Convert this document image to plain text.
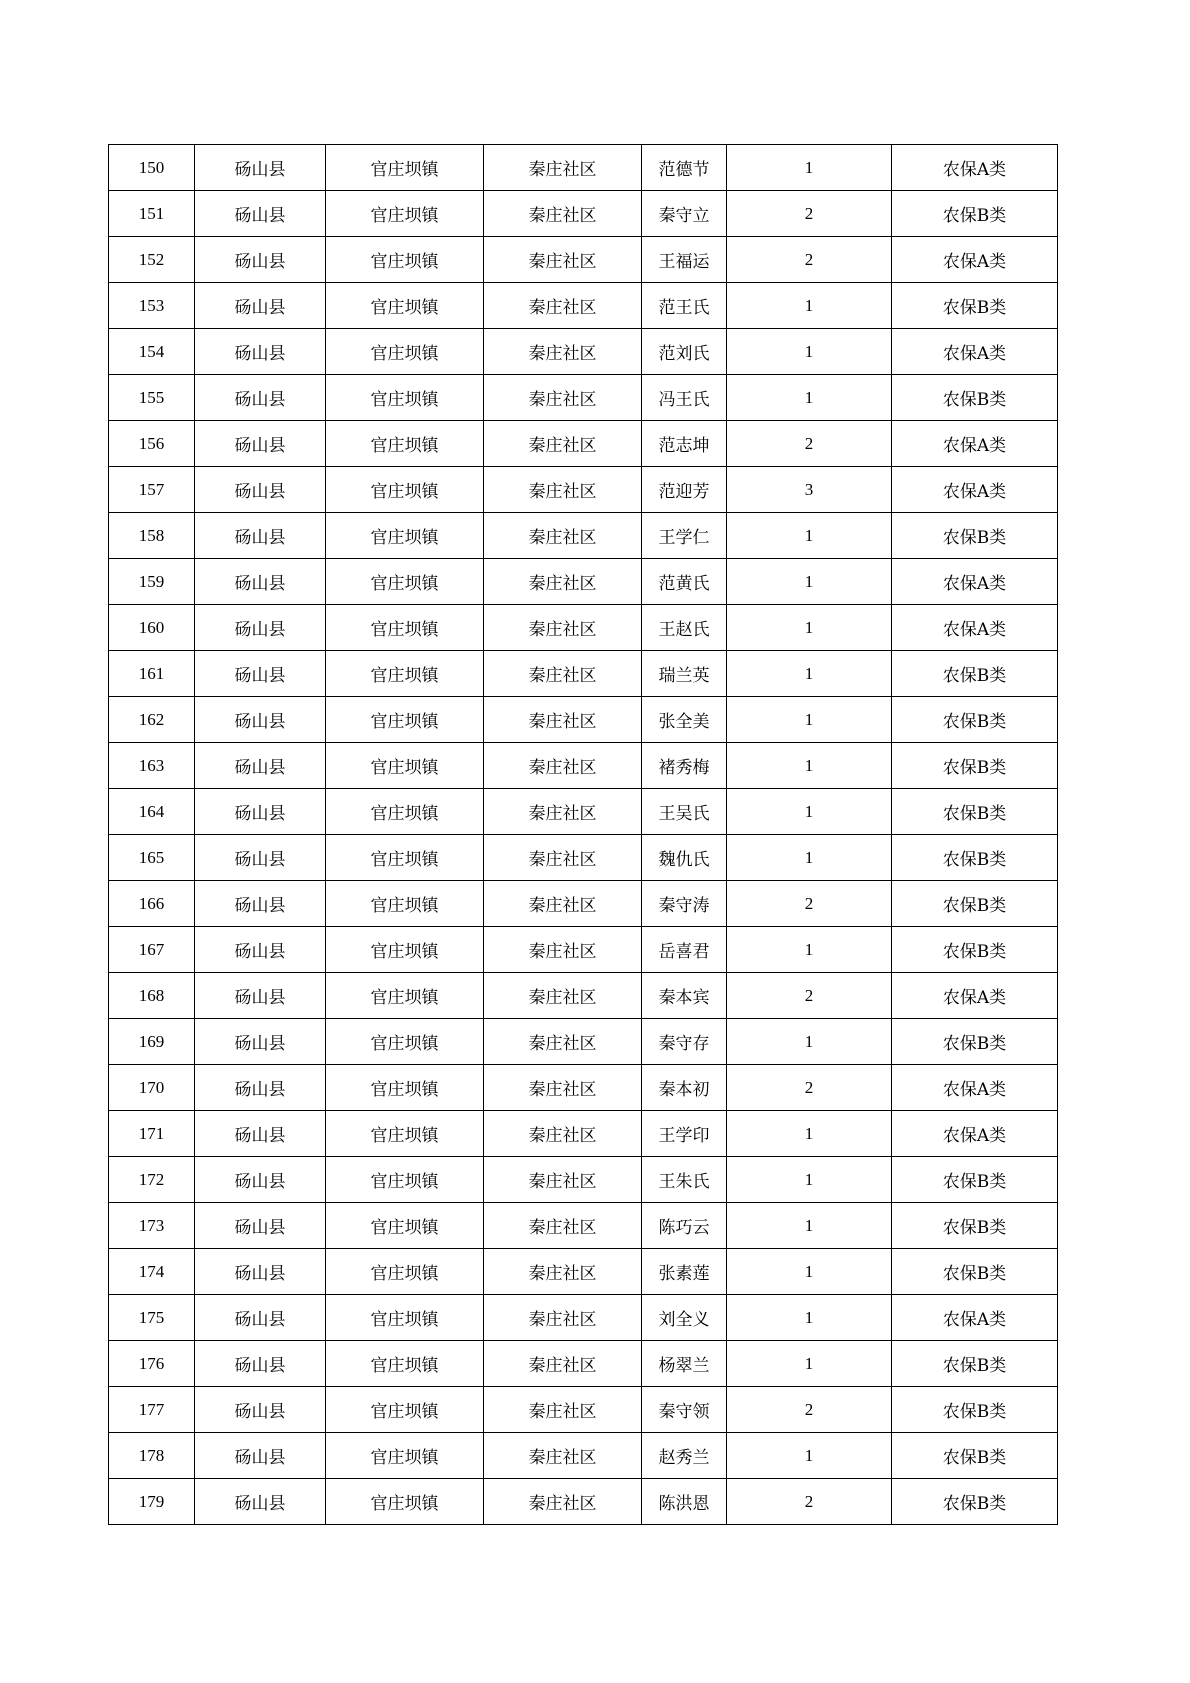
150	砀山县	官庄坝镇	秦庄社区	范德节	1	农保A类
151	砀山县	官庄坝镇	秦庄社区	秦守立	2	农保B类
152	砀山县	官庄坝镇	秦庄社区	王福运	2	农保A类
153	砀山县	官庄坝镇	秦庄社区	范王氏	1	农保B类
154	砀山县	官庄坝镇	秦庄社区	范刘氏	1	农保A类
155	砀山县	官庄坝镇	秦庄社区	冯王氏	1	农保B类
156	砀山县	官庄坝镇	秦庄社区	范志坤	2	农保A类
157	砀山县	官庄坝镇	秦庄社区	范迎芳	3	农保A类
158	砀山县	官庄坝镇	秦庄社区	王学仁	1	农保B类
159	砀山县	官庄坝镇	秦庄社区	范黄氏	1	农保A类
160	砀山县	官庄坝镇	秦庄社区	王赵氏	1	农保A类
161	砀山县	官庄坝镇	秦庄社区	瑞兰英	1	农保B类
162	砀山县	官庄坝镇	秦庄社区	张全美	1	农保B类
163	砀山县	官庄坝镇	秦庄社区	褚秀梅	1	农保B类
164	砀山县	官庄坝镇	秦庄社区	王吴氏	1	农保B类
165	砀山县	官庄坝镇	秦庄社区	魏仇氏	1	农保B类
166	砀山县	官庄坝镇	秦庄社区	秦守涛	2	农保B类
167	砀山县	官庄坝镇	秦庄社区	岳喜君	1	农保B类
168	砀山县	官庄坝镇	秦庄社区	秦本宾	2	农保A类
169	砀山县	官庄坝镇	秦庄社区	秦守存	1	农保B类
170	砀山县	官庄坝镇	秦庄社区	秦本初	2	农保A类
171	砀山县	官庄坝镇	秦庄社区	王学印	1	农保A类
172	砀山县	官庄坝镇	秦庄社区	王朱氏	1	农保B类
173	砀山县	官庄坝镇	秦庄社区	陈巧云	1	农保B类
174	砀山县	官庄坝镇	秦庄社区	张素莲	1	农保B类
175	砀山县	官庄坝镇	秦庄社区	刘全义	1	农保A类
176	砀山县	官庄坝镇	秦庄社区	杨翠兰	1	农保B类
177	砀山县	官庄坝镇	秦庄社区	秦守领	2	农保B类
178	砀山县	官庄坝镇	秦庄社区	赵秀兰	1	农保B类
179	砀山县	官庄坝镇	秦庄社区	陈洪恩	2	农保B类
